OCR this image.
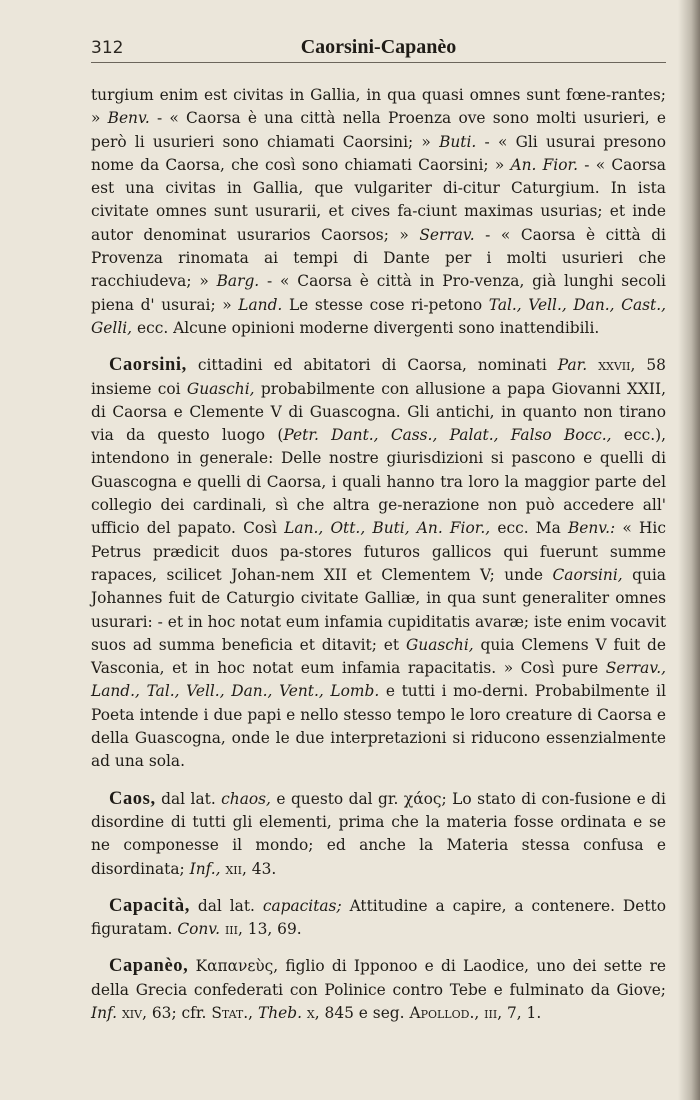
312	Caorsini-Capanèo

turgium enim est civitas in Gallia, in qua quasi omnes sunt fœne-rantes; » Benv. - « Caorsa è una città nella Proenza ove sono molti usurieri, e però li usurieri sono chiamati Caorsini; » Buti. - « Gli usurai presono nome da Caorsa, che così sono chiamati Caorsini; » An. Fior. - « Caorsa est una civitas in Gallia, que vulgariter di-citur Caturgium. In ista civitate omnes sunt usurarii, et cives fa-ciunt maximas usurias; et inde autor denominat usurarios Caorsos; » Serrav. - « Caorsa è città di Provenza rinomata ai tempi di Dante per i molti usurieri che racchiudeva; » Barg. - « Caorsa è città in Pro-venza, già lunghi secoli piena d' usurai; » Land. Le stesse cose ri-petono Tal., Vell., Dan., Cast., Gelli, ecc. Alcune opinioni moderne divergenti sono inattendibili.

Caorsini, cittadini ed abitatori di Caorsa, nominati Par. xxvii, 58 insieme coi Guaschi, probabilmente con allusione a papa Giovanni XXII, di Caorsa e Clemente V di Guascogna. Gli antichi, in quanto non tirano via da questo luogo (Petr. Dant., Cass., Palat., Falso Bocc., ecc.), intendono in generale: Delle nostre giurisdizioni si pascono e quelli di Guascogna e quelli di Caorsa, i quali hanno tra loro la maggior parte del collegio dei cardinali, sì che altra ge-nerazione non può accedere all' ufficio del papato. Così Lan., Ott., Buti, An. Fior., ecc. Ma Benv.: « Hic Petrus prædicit duos pa-stores futuros gallicos qui fuerunt summe rapaces, scilicet Johan-nem XII et Clementem V; unde Caorsini, quia Johannes fuit de Caturgio civitate Galliæ, in qua sunt generaliter omnes usurari: - et in hoc notat eum infamia cupiditatis avaræ; iste enim vocavit suos ad summa beneficia et ditavit; et Guaschi, quia Clemens V fuit de Vasconia, et in hoc notat eum infamia rapacitatis. » Così pure Serrav., Land., Tal., Vell., Dan., Vent., Lomb. e tutti i mo-derni. Probabilmente il Poeta intende i due papi e nello stesso tempo le loro creature di Caorsa e della Guascogna, onde le due interpretazioni si riducono essenzialmente ad una sola.

Caos, dal lat. chaos, e questo dal gr. χάος; Lo stato di con-fusione e di disordine di tutti gli elementi, prima che la materia fosse ordinata e se ne componesse il mondo; ed anche la Materia stessa confusa e disordinata; Inf., xii, 43.

Capacità, dal lat. capacitas; Attitudine a capire, a contenere. Detto figuratam. Conv. iii, 13, 69.

Capanèo, Καπανεὺς, figlio di Ipponoo e di Laodice, uno dei sette re della Grecia confederati con Polinice contro Tebe e fulminato da Giove; Inf. xiv, 63; cfr. Stat., Theb. x, 845 e seg. Apollod., iii, 7, 1.
